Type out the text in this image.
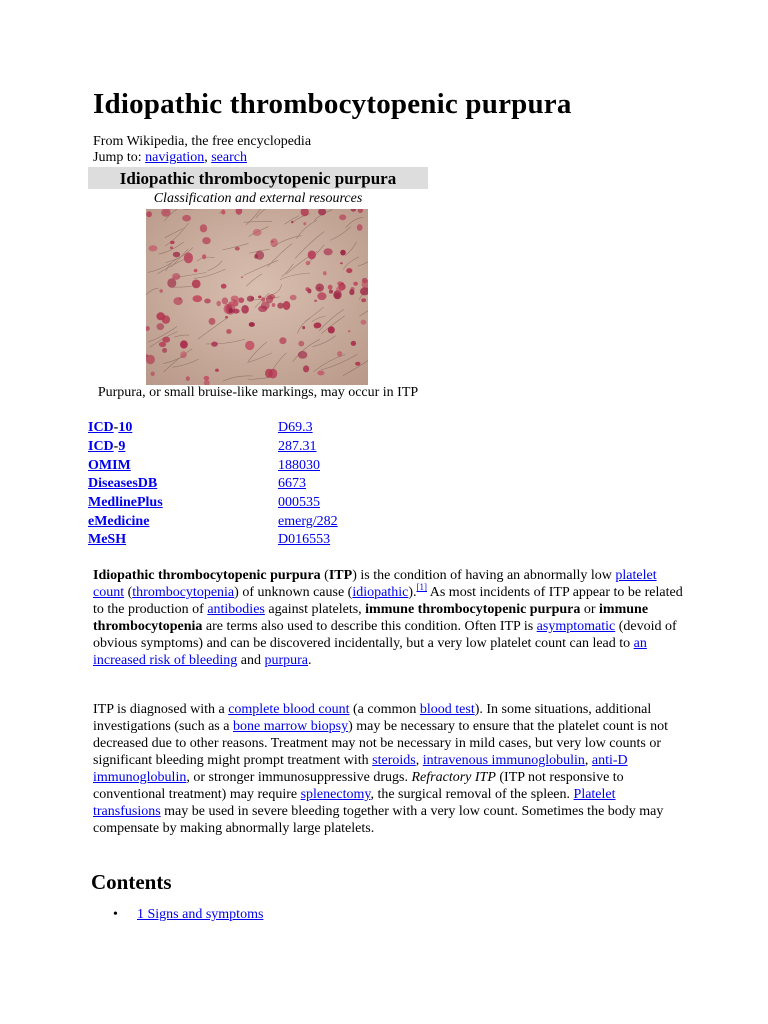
Idiopathic thrombocytopenic purpura
From Wikipedia, the free encyclopedia
Jump to: navigation, search
Idiopathic thrombocytopenic purpura
Classification and external resources
Purpura, or small bruise-like markings, may occur in ITP
ICD-10	D69.3
ICD-9	287.31
OMIM	188030
DiseasesDB	6673
MedlinePlus	000535
eMedicine	emerg/282
MeSH	D016553

Idiopathic thrombocytopenic purpura (ITP) is the condition of having an abnormally low platelet count (thrombocytopenia) of unknown cause (idiopathic).[1] As most incidents of ITP appear to be related to the production of antibodies against platelets, immune thrombocytopenic purpura or immune thrombocytopenia are terms also used to describe this condition. Often ITP is asymptomatic (devoid of obvious symptoms) and can be discovered incidentally, but a very low platelet count can lead to an increased risk of bleeding and purpura.

ITP is diagnosed with a complete blood count (a common blood test). In some situations, additional investigations (such as a bone marrow biopsy) may be necessary to ensure that the platelet count is not decreased due to other reasons. Treatment may not be necessary in mild cases, but very low counts or significant bleeding might prompt treatment with steroids, intravenous immunoglobulin, anti-D immunoglobulin, or stronger immunosuppressive drugs. Refractory ITP (ITP not responsive to conventional treatment) may require splenectomy, the surgical removal of the spleen. Platelet transfusions may be used in severe bleeding together with a very low count. Sometimes the body may compensate by making abnormally large platelets.

Contents
• 1 Signs and symptoms
